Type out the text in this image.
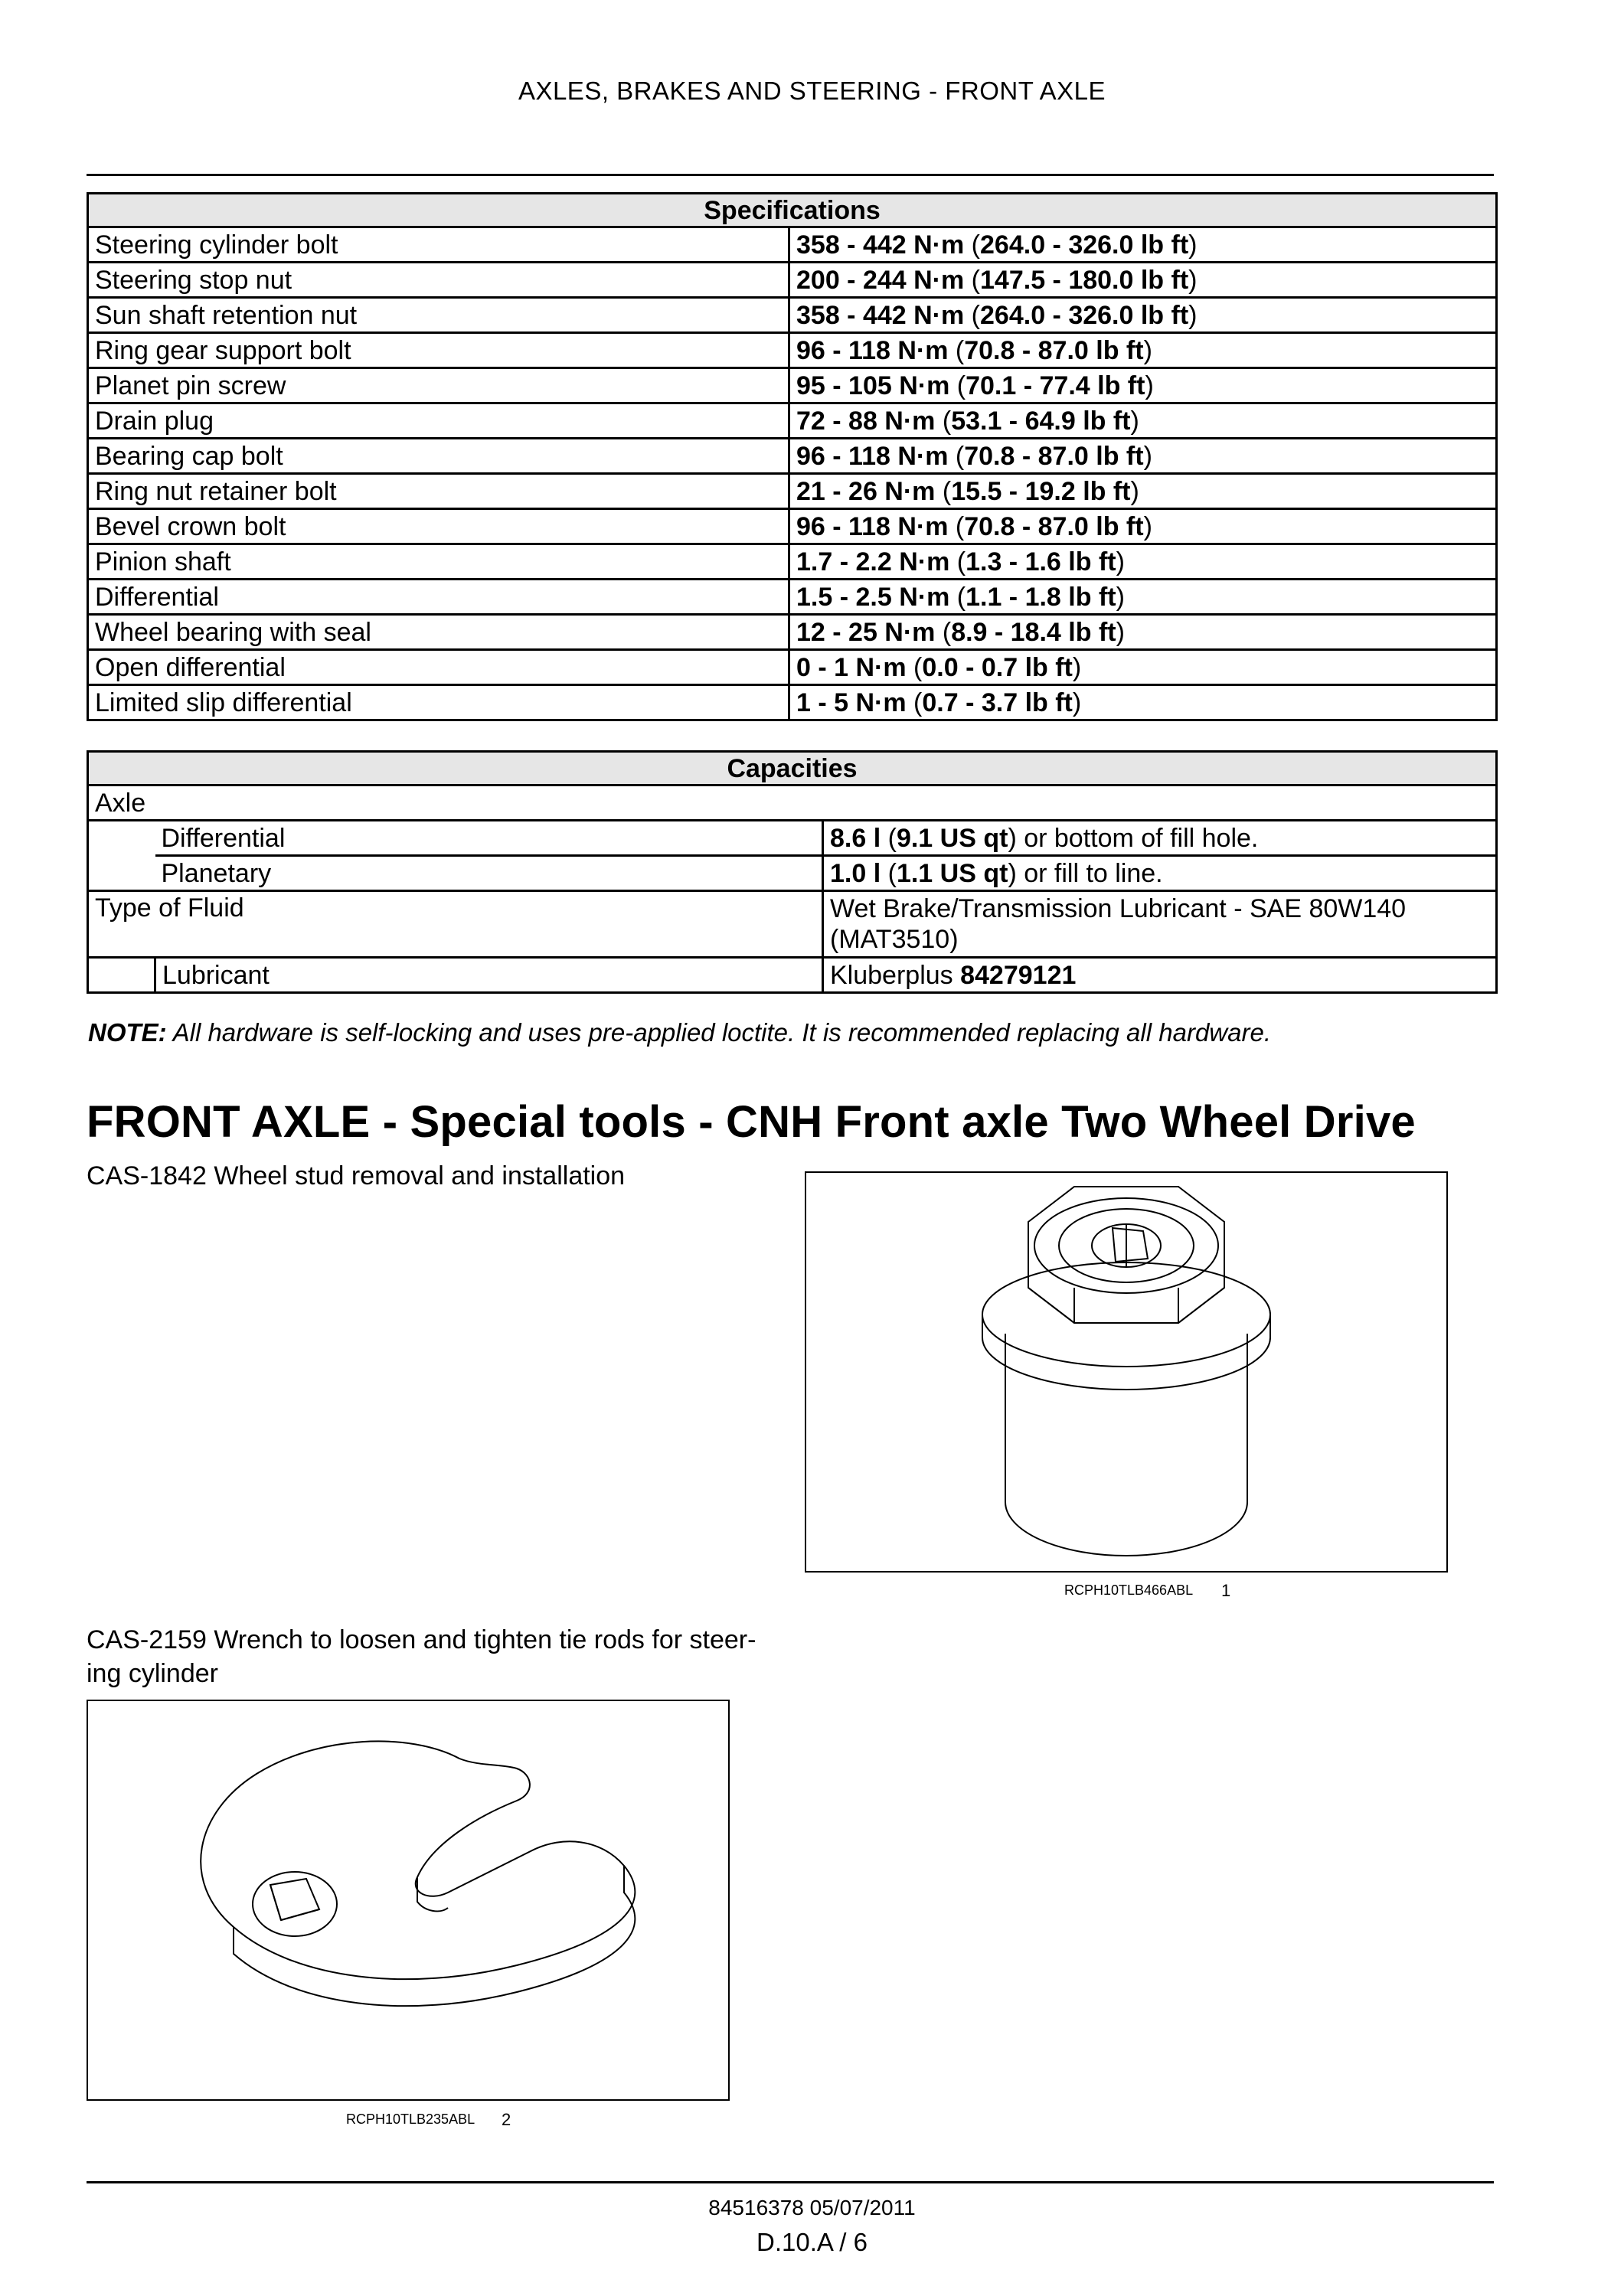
AXLES, BRAKES AND STEERING - FRONT AXLE
Specifications	
Steering cylinder bolt	358 - 442 N·m (264.0 - 326.0 lb ft)
Steering stop nut	200 - 244 N·m (147.5 - 180.0 lb ft)
Sun shaft retention nut	358 - 442 N·m (264.0 - 326.0 lb ft)
Ring gear support bolt	96 - 118 N·m (70.8 - 87.0 lb ft)
Planet pin screw	95 - 105 N·m (70.1 - 77.4 lb ft)
Drain plug	72 - 88 N·m (53.1 - 64.9 lb ft)
Bearing cap bolt	96 - 118 N·m (70.8 - 87.0 lb ft)
Ring nut retainer bolt	21 - 26 N·m (15.5 - 19.2 lb ft)
Bevel crown bolt	96 - 118 N·m (70.8 - 87.0 lb ft)
Pinion shaft	1.7 - 2.2 N·m (1.3 - 1.6 lb ft)
Differential	1.5 - 2.5 N·m (1.1 - 1.8 lb ft)
Wheel bearing with seal	12 - 25 N·m (8.9 - 18.4 lb ft)
Open differential	0 - 1 N·m (0.0 - 0.7 lb ft)
Limited slip differential	1 - 5 N·m (0.7 - 3.7 lb ft)
Capacities		
Axle		
	Differential	8.6 l (9.1 US qt) or bottom of fill hole.
	Planetary	1.0 l (1.1 US qt) or fill to line.

Type of Fluid		Wet Brake/Transmission Lubricant - SAE 80W140
(MAT3510)

	Lubricant	Kluberplus 84279121
NOTE: All hardware is self-locking and uses pre-applied loctite. It is recommended replacing all hardware.
FRONT AXLE - Special tools - CNH Front axle Two Wheel Drive
CAS-1842 Wheel stud removal and installation
RCPH10TLB466ABL 1
CAS-2159 Wrench to loosen and tighten tie rods for steer-
ing cylinder
RCPH10TLB235ABL 2
84516378 05/07/2011
D.10.A / 6
